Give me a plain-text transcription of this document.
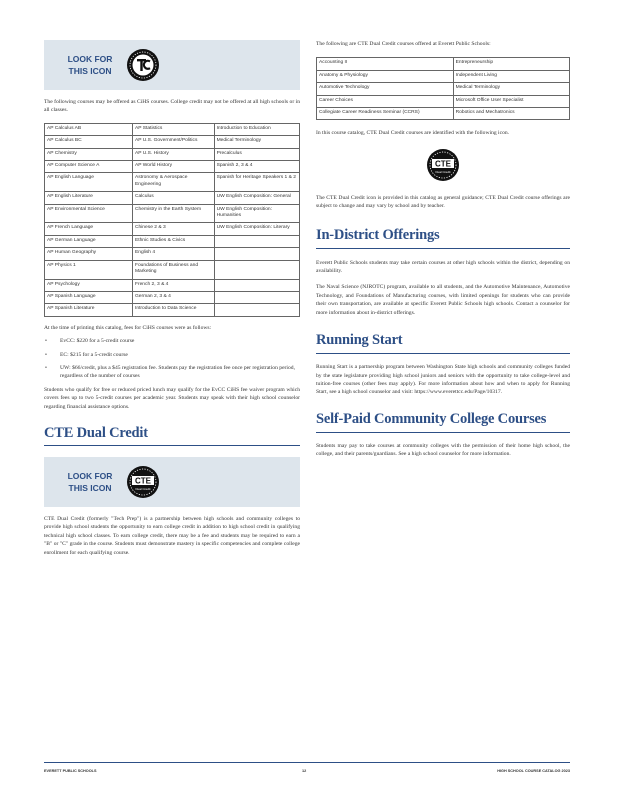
LOOK FOR
THIS ICON

The following courses may be offered as CiHS courses. College credit may not be offered at all high schools or in all classes.

AP Calculus AB	AP Statistics	Introduction to Education
AP Calculus BC	AP U.S. Government/Politics	Medical Terminology
AP Chemistry	AP U.S. History	Precalculus
AP Computer Science A	AP World History	Spanish 2, 3 & 4
AP English Language	Astronomy & Aerospace Engineering	Spanish for Heritage Speakers 1 & 2
AP English Literature	Calculus	UW English Composition: General
AP Environmental Science	Chemistry in the Earth System	UW English Composition: Humanities
AP French Language	Chinese 2 & 3	UW English Composition: Literary
AP German Language	Ethnic Studies & Civics	
AP Human Geography	English 4	
AP Physics 1	Foundations of Business and Marketing	
AP Psychology	French 2, 3 & 4	
AP Spanish Language	German 2, 3 & 4	
AP Spanish Literature	Introduction to Data Science	

At the time of printing this catalog, fees for CiHS courses were as follows:

• EvCC: $220 for a 5-credit course
• EC: $215 for a 5-credit course
• UW: $66/credit, plus a $45 registration fee. Students pay the registration fee once per registration period, regardless of the number of courses

Students who qualify for free or reduced priced lunch may qualify for the EvCC CiHS fee waiver program which covers fees up to two 5-credit courses per academic year. Students may speak with their high school counselor regarding financial assistance options.

CTE Dual Credit
LOOK FOR
THIS ICON
CTE
Dual Credit

CTE Dual Credit (formerly "Tech Prep") is a partnership between high schools and community colleges to provide high school students the opportunity to earn college credit in addition to high school credit in qualifying technical high school classes. To earn college credit, there may be a fee and students may be required to earn a "B" or "C" grade in the course. Students must demonstrate mastery in specific competencies and complete college enrollment for each qualifying course.

The following are CTE Dual Credit courses offered at Everett Public Schools:

Accounting II	Entrepreneurship
Anatomy & Physiology	Independent Living
Automotive Technology	Medical Terminology
Career Choices	Microsoft Office User Specialist
Collegiate Career Readiness Seminar (CCRS)	Robotics and Mechatronics

In this course catalog, CTE Dual Credit courses are identified with the following icon.

CTE
Dual Credit

The CTE Dual Credit icon is provided in this catalog as general guidance; CTE Dual Credit course offerings are subject to change and may vary by school and by teacher.

In-District Offerings

Everett Public Schools students may take certain courses at other high schools within the district, depending on availability.

The Naval Science (NJROTC) program, available to all students, and the Automotive Maintenance, Automotive Technology, and Foundations of Manufacturing courses, with limited openings for students who can provide their own transportation, are available at specific Everett Public Schools high schools. Contact a counselor for more information about in-district offerings.

Running Start

Running Start is a partnership program between Washington State high schools and community colleges funded by the state legislature providing high school juniors and seniors with the opportunity to take college-level and tuition-free courses (other fees may apply). For more information about how and when to apply for Running Start, see a high school counselor and visit: https://www.everettcc.edu/Page/10317.

Self-Paid Community College Courses

Students may pay to take courses at community colleges with the permission of their home high school, the college, and their parents/guardians. See a high school counselor for more information.

EVERETT PUBLIC SCHOOLS	12	HIGH SCHOOL COURSE CATALOG 2023
